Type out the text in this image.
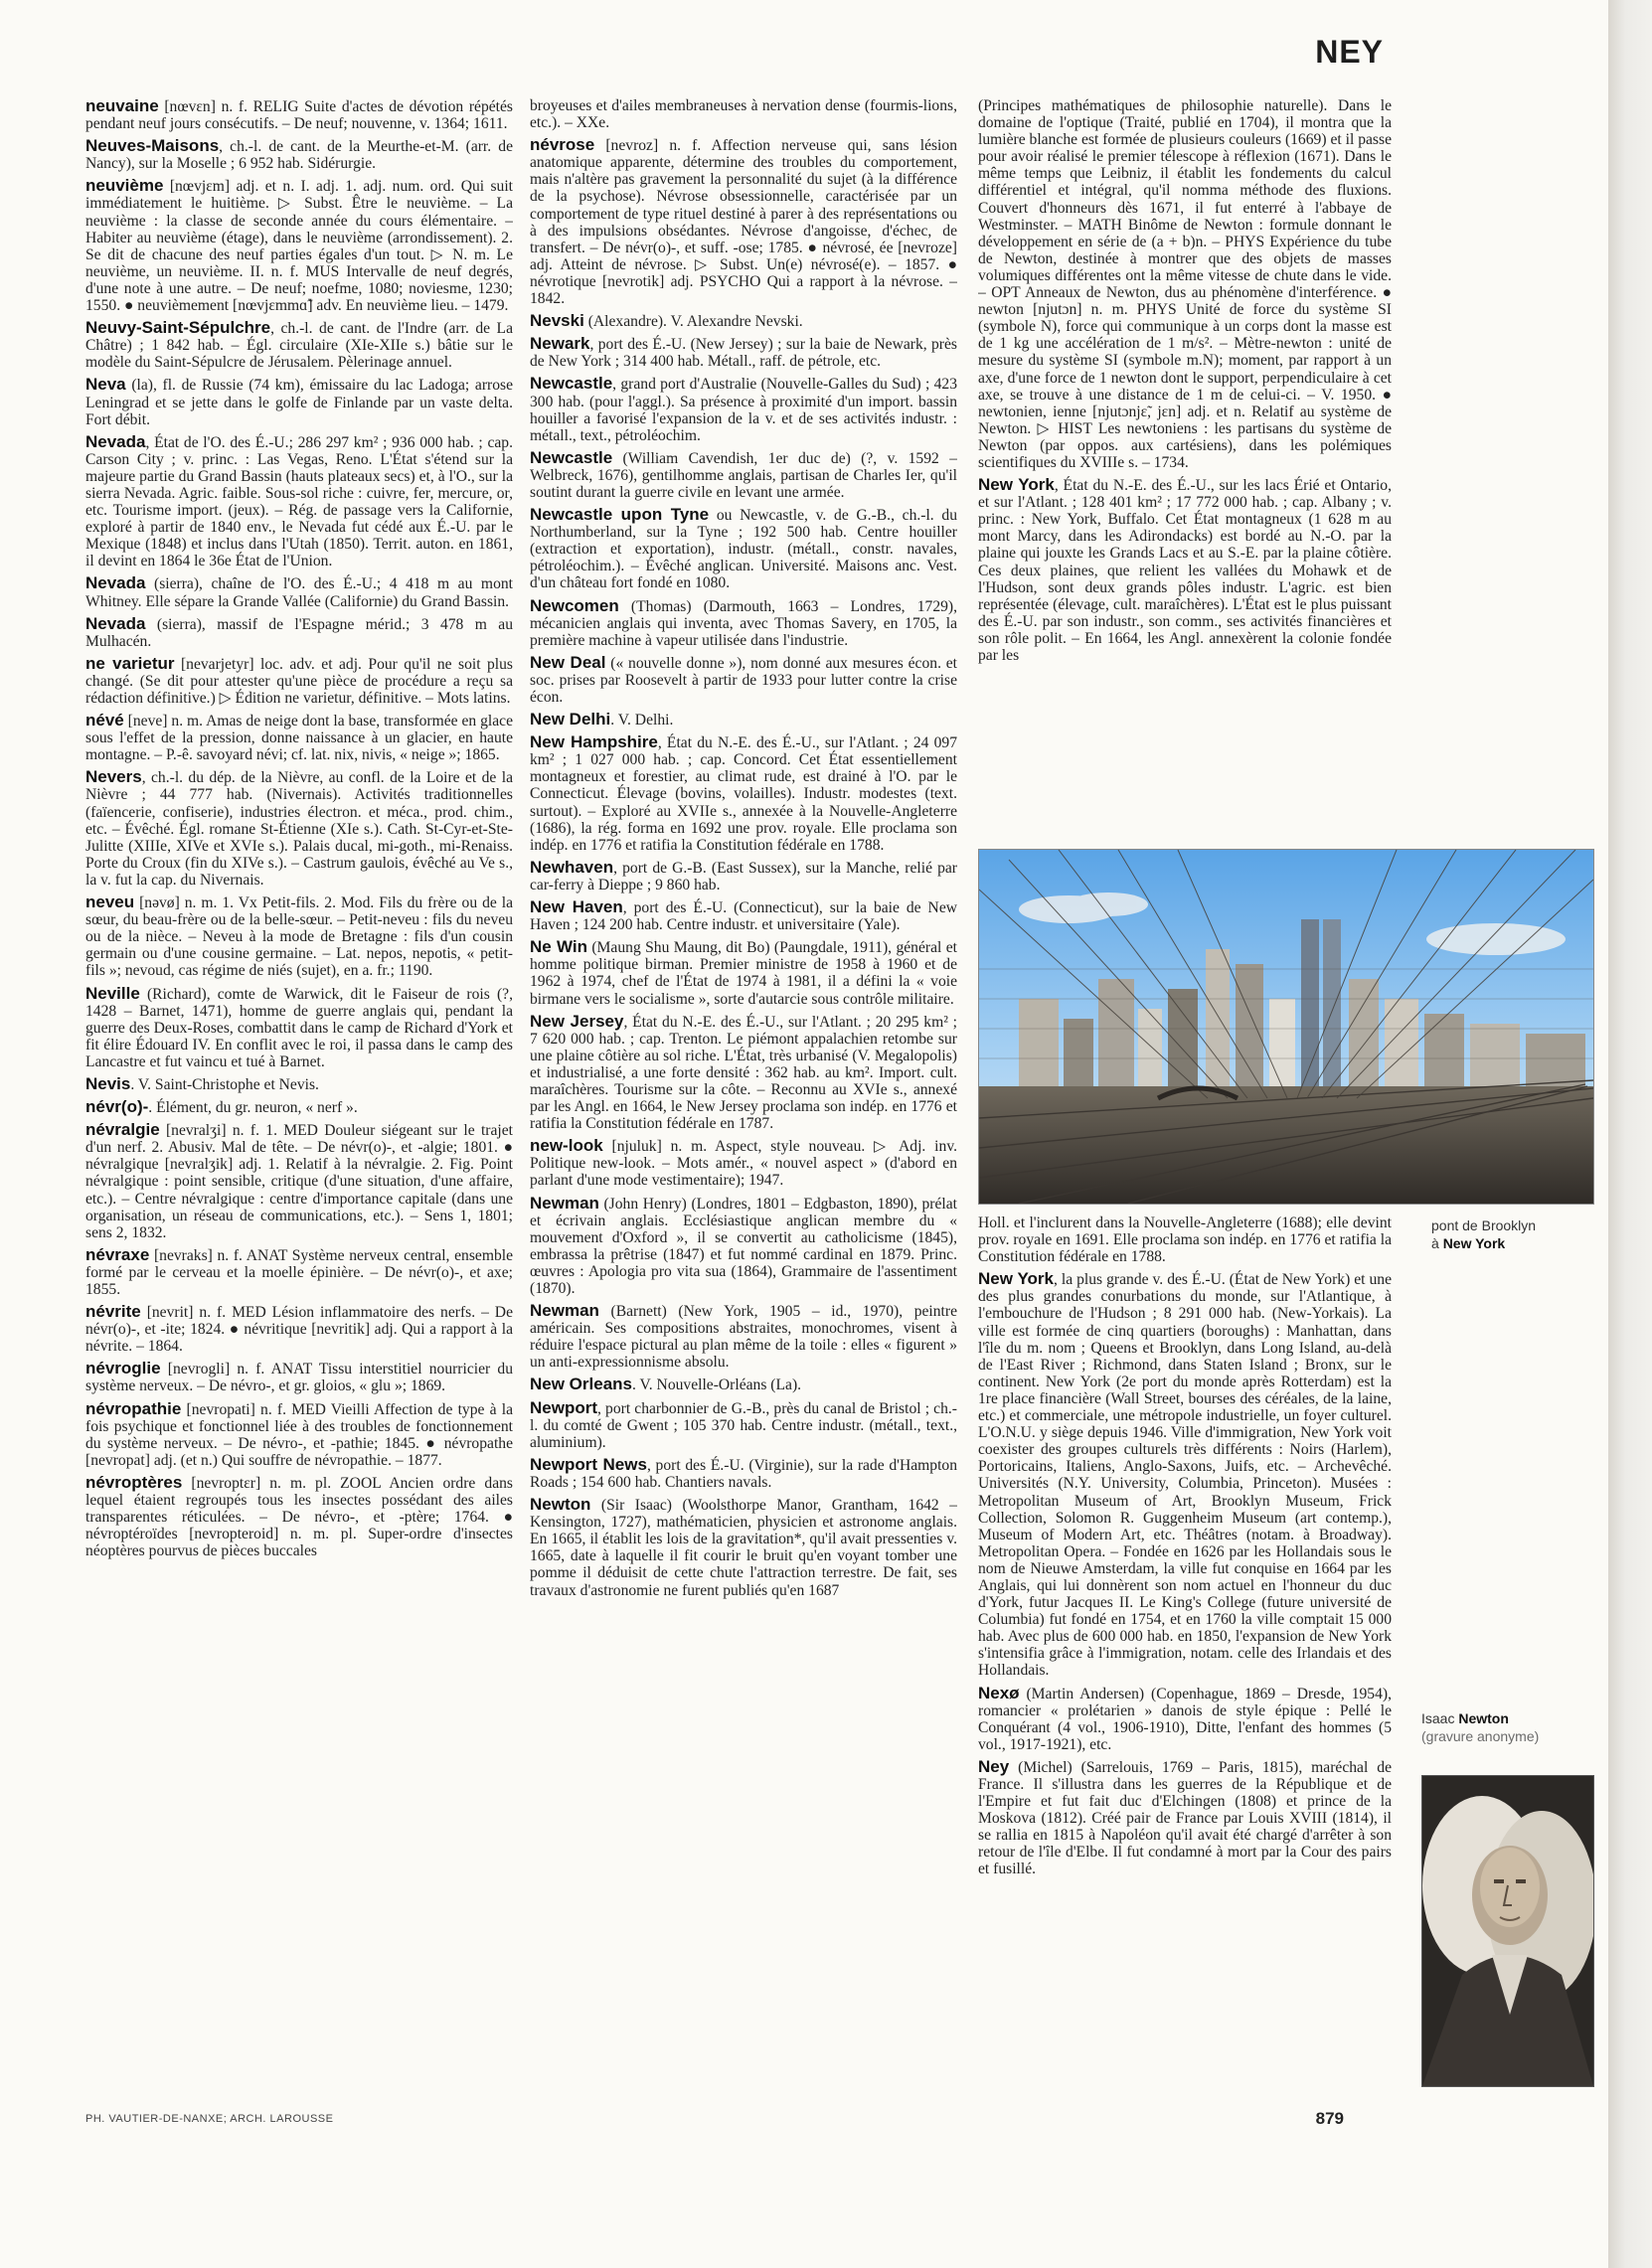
NEY
neuvaine [nœvɛn] n. f. RELIG Suite d'actes de dévotion répétés pendant neuf jours consécutifs. – De neuf; nouvenne, v. 1364; 1611.
Neuves-Maisons, ch.-l. de cant. de la Meurthe-et-M. (arr. de Nancy), sur la Moselle ; 6 952 hab. Sidérurgie.
neuvième [nœvjɛm] adj. et n. I. adj. 1. adj. num. ord. Qui suit immédiatement le huitième. ▷ Subst. Être le neuvième. – La neuvième : la classe de seconde année du cours élémentaire. – Habiter au neuvième (étage), dans le neuvième (arrondissement). 2. Se dit de chacune des neuf parties égales d'un tout. ▷ N. m. Le neuvième, un neuvième. II. n. f. MUS Intervalle de neuf degrés, d'une note à une autre. – De neuf; noefme, 1080; noviesme, 1230; 1550. ● neuvièmement [nœvjɛmmɑ̃] adv. En neuvième lieu. – 1479.
Neuvy-Saint-Sépulchre, ch.-l. de cant. de l'Indre (arr. de La Châtre) ; 1 842 hab. – Égl. circulaire (XIe-XIIe s.) bâtie sur le modèle du Saint-Sépulcre de Jérusalem. Pèlerinage annuel.
Neva (la), fl. de Russie (74 km), émissaire du lac Ladoga; arrose Leningrad et se jette dans le golfe de Finlande par un vaste delta. Fort débit.
Nevada, État de l'O. des É.-U.; 286 297 km² ; 936 000 hab. ; cap. Carson City ; v. princ. : Las Vegas, Reno. L'État s'étend sur la majeure partie du Grand Bassin (hauts plateaux secs) et, à l'O., sur la sierra Nevada. Agric. faible. Sous-sol riche : cuivre, fer, mercure, or, etc. Tourisme import. (jeux). – Rég. de passage vers la Californie, exploré à partir de 1840 env., le Nevada fut cédé aux É.-U. par le Mexique (1848) et inclus dans l'Utah (1850). Territ. auton. en 1861, il devint en 1864 le 36e État de l'Union.
Nevada (sierra), chaîne de l'O. des É.-U.; 4 418 m au mont Whitney. Elle sépare la Grande Vallée (Californie) du Grand Bassin.
Nevada (sierra), massif de l'Espagne mérid.; 3 478 m au Mulhacén.
ne varietur [nevarjetyr] loc. adv. et adj. Pour qu'il ne soit plus changé. (Se dit pour attester qu'une pièce de procédure a reçu sa rédaction définitive.) ▷ Édition ne varietur, définitive. – Mots latins.
névé [neve] n. m. Amas de neige dont la base, transformée en glace sous l'effet de la pression, donne naissance à un glacier, en haute montagne. – P.-ê. savoyard névi; cf. lat. nix, nivis, « neige »; 1865.
Nevers, ch.-l. du dép. de la Nièvre, au confl. de la Loire et de la Nièvre ; 44 777 hab. (Nivernais). Activités traditionnelles (faïencerie, confiserie), industries électron. et méca., prod. chim., etc. – Évêché. Égl. romane St-Étienne (XIe s.). Cath. St-Cyr-et-Ste-Julitte (XIIIe, XIVe et XVIe s.). Palais ducal, mi-goth., mi-Renaiss. Porte du Croux (fin du XIVe s.). – Castrum gaulois, évêché au Ve s., la v. fut la cap. du Nivernais.
neveu [nəvø] n. m. 1. Vx Petit-fils. 2. Mod. Fils du frère ou de la sœur, du beau-frère ou de la belle-sœur. – Petit-neveu : fils du neveu ou de la nièce. – Neveu à la mode de Bretagne : fils d'un cousin germain ou d'une cousine germaine. – Lat. nepos, nepotis, « petit-fils »; nevoud, cas régime de niés (sujet), en a. fr.; 1190.
Neville (Richard), comte de Warwick, dit le Faiseur de rois (?, 1428 – Barnet, 1471), homme de guerre anglais qui, pendant la guerre des Deux-Roses, combattit dans le camp de Richard d'York et fit élire Édouard IV. En conflit avec le roi, il passa dans le camp des Lancastre et fut vaincu et tué à Barnet.
Nevis. V. Saint-Christophe et Nevis.
névr(o)-. Élément, du gr. neuron, « nerf ».
névralgie [nevralʒi] n. f. 1. MED Douleur siégeant sur le trajet d'un nerf. 2. Abusiv. Mal de tête. – De névr(o)-, et -algie; 1801. ● névralgique [nevralʒik] adj. 1. Relatif à la névralgie. 2. Fig. Point névralgique : point sensible, critique (d'une situation, d'une affaire, etc.). – Centre névralgique : centre d'importance capitale (dans une organisation, un réseau de communications, etc.). – Sens 1, 1801; sens 2, 1832.
névraxe [nevraks] n. f. ANAT Système nerveux central, ensemble formé par le cerveau et la moelle épinière. – De névr(o)-, et axe; 1855.
névrite [nevrit] n. f. MED Lésion inflammatoire des nerfs. – De névr(o)-, et -ite; 1824. ● névritique [nevritik] adj. Qui a rapport à la névrite. – 1864.
névroglie [nevrogli] n. f. ANAT Tissu interstitiel nourricier du système nerveux. – De névro-, et gr. gloios, « glu »; 1869.
névropathie [nevropati] n. f. MED Vieilli Affection de type à la fois psychique et fonctionnel liée à des troubles de fonctionnement du système nerveux. – De névro-, et -pathie; 1845. ● névropathe [nevropat] adj. (et n.) Qui souffre de névropathie. – 1877.
névroptères [nevroptɛr] n. m. pl. ZOOL Ancien ordre dans lequel étaient regroupés tous les insectes possédant des ailes transparentes réticulées. – De névro-, et -ptère; 1764. ● névroptéroïdes [nevropteroid] n. m. pl. Super-ordre d'insectes néoptères pourvus de pièces buccales
broyeuses et d'ailes membraneuses à nervation dense (fourmis-lions, etc.). – XXe.
névrose [nevroz] n. f. Affection nerveuse qui, sans lésion anatomique apparente, détermine des troubles du comportement, mais n'altère pas gravement la personnalité du sujet (à la différence de la psychose). Névrose obsessionnelle, caractérisée par un comportement de type rituel destiné à parer à des représentations ou à des impulsions obsédantes. Névrose d'angoisse, d'échec, de transfert. – De névr(o)-, et suff. -ose; 1785. ● névrosé, ée [nevroze] adj. Atteint de névrose. ▷ Subst. Un(e) névrosé(e). – 1857. ● névrotique [nevrotik] adj. PSYCHO Qui a rapport à la névrose. – 1842.
Nevski (Alexandre). V. Alexandre Nevski.
Newark, port des É.-U. (New Jersey) ; sur la baie de Newark, près de New York ; 314 400 hab. Métall., raff. de pétrole, etc.
Newcastle, grand port d'Australie (Nouvelle-Galles du Sud) ; 423 300 hab. (pour l'aggl.). Sa présence à proximité d'un import. bassin houiller a favorisé l'expansion de la v. et de ses activités industr. : métall., text., pétroléochim.
Newcastle (William Cavendish, 1er duc de) (?, v. 1592 – Welbreck, 1676), gentilhomme anglais, partisan de Charles Ier, qu'il soutint durant la guerre civile en levant une armée.
Newcastle upon Tyne ou Newcastle, v. de G.-B., ch.-l. du Northumberland, sur la Tyne ; 192 500 hab. Centre houiller (extraction et exportation), industr. (métall., constr. navales, pétroléochim.). – Évêché anglican. Université. Maisons anc. Vest. d'un château fort fondé en 1080.
Newcomen (Thomas) (Darmouth, 1663 – Londres, 1729), mécanicien anglais qui inventa, avec Thomas Savery, en 1705, la première machine à vapeur utilisée dans l'industrie.
New Deal (« nouvelle donne »), nom donné aux mesures écon. et soc. prises par Roosevelt à partir de 1933 pour lutter contre la crise écon.
New Delhi. V. Delhi.
New Hampshire, État du N.-E. des É.-U., sur l'Atlant. ; 24 097 km² ; 1 027 000 hab. ; cap. Concord. Cet État essentiellement montagneux et forestier, au climat rude, est drainé à l'O. par le Connecticut. Élevage (bovins, volailles). Industr. modestes (text. surtout). – Exploré au XVIIe s., annexée à la Nouvelle-Angleterre (1686), la rég. forma en 1692 une prov. royale. Elle proclama son indép. en 1776 et ratifia la Constitution fédérale en 1788.
Newhaven, port de G.-B. (East Sussex), sur la Manche, relié par car-ferry à Dieppe ; 9 860 hab.
New Haven, port des É.-U. (Connecticut), sur la baie de New Haven ; 124 200 hab. Centre industr. et universitaire (Yale).
Ne Win (Maung Shu Maung, dit Bo) (Paungdale, 1911), général et homme politique birman. Premier ministre de 1958 à 1960 et de 1962 à 1974, chef de l'État de 1974 à 1981, il a défini la « voie birmane vers le socialisme », sorte d'autarcie sous contrôle militaire.
New Jersey, État du N.-E. des É.-U., sur l'Atlant. ; 20 295 km² ; 7 620 000 hab. ; cap. Trenton. Le piémont appalachien retombe sur une plaine côtière au sol riche. L'État, très urbanisé (V. Megalopolis) et industrialisé, a une forte densité : 362 hab. au km². Import. cult. maraîchères. Tourisme sur la côte. – Reconnu au XVIe s., annexé par les Angl. en 1664, le New Jersey proclama son indép. en 1776 et ratifia la Constitution fédérale en 1787.
new-look [njuluk] n. m. Aspect, style nouveau. ▷ Adj. inv. Politique new-look. – Mots amér., « nouvel aspect » (d'abord en parlant d'une mode vestimentaire); 1947.
Newman (John Henry) (Londres, 1801 – Edgbaston, 1890), prélat et écrivain anglais. Ecclésiastique anglican membre du « mouvement d'Oxford », il se convertit au catholicisme (1845), embrassa la prêtrise (1847) et fut nommé cardinal en 1879. Princ. œuvres : Apologia pro vita sua (1864), Grammaire de l'assentiment (1870).
Newman (Barnett) (New York, 1905 – id., 1970), peintre américain. Ses compositions abstraites, monochromes, visent à réduire l'espace pictural au plan même de la toile : elles « figurent » un anti-expressionnisme absolu.
New Orleans. V. Nouvelle-Orléans (La).
Newport, port charbonnier de G.-B., près du canal de Bristol ; ch.-l. du comté de Gwent ; 105 370 hab. Centre industr. (métall., text., aluminium).
Newport News, port des É.-U. (Virginie), sur la rade d'Hampton Roads ; 154 600 hab. Chantiers navals.
Newton (Sir Isaac) (Woolsthorpe Manor, Grantham, 1642 – Kensington, 1727), mathématicien, physicien et astronome anglais. En 1665, il établit les lois de la gravitation*, qu'il avait pressenties v. 1665, date à laquelle il fit courir le bruit qu'en voyant tomber une pomme il déduisit de cette chute l'attraction terrestre. De fait, ses travaux d'astronomie ne furent publiés qu'en 1687
(Principes mathématiques de philosophie naturelle). Dans le domaine de l'optique (Traité, publié en 1704), il montra que la lumière blanche est formée de plusieurs couleurs (1669) et il passe pour avoir réalisé le premier télescope à réflexion (1671). Dans le même temps que Leibniz, il établit les fondements du calcul différentiel et intégral, qu'il nomma méthode des fluxions. Couvert d'honneurs dès 1671, il fut enterré à l'abbaye de Westminster. – MATH Binôme de Newton : formule donnant le développement en série de (a + b)n. – PHYS Expérience du tube de Newton, destinée à montrer que des objets de masses volumiques différentes ont la même vitesse de chute dans le vide. – OPT Anneaux de Newton, dus au phénomène d'interférence. ● newton [njutɔn] n. m. PHYS Unité de force du système SI (symbole N), force qui communique à un corps dont la masse est de 1 kg une accélération de 1 m/s². – Mètre-newton : unité de mesure du système SI (symbole m.N); moment, par rapport à un axe, d'une force de 1 newton dont le support, perpendiculaire à cet axe, se trouve à une distance de 1 m de celui-ci. – V. 1950. ● newtonien, ienne [njutɔnjɛ̃, jɛn] adj. et n. Relatif au système de Newton. ▷ HIST Les newtoniens : les partisans du système de Newton (par oppos. aux cartésiens), dans les polémiques scientifiques du XVIIIe s. – 1734.
New York, État du N.-E. des É.-U., sur les lacs Érié et Ontario, et sur l'Atlant. ; 128 401 km² ; 17 772 000 hab. ; cap. Albany ; v. princ. : New York, Buffalo. Cet État montagneux (1 628 m au mont Marcy, dans les Adirondacks) est bordé au N.-O. par la plaine qui jouxte les Grands Lacs et au S.-E. par la plaine côtière. Ces deux plaines, que relient les vallées du Mohawk et de l'Hudson, sont deux grands pôles industr. L'agric. est bien représentée (élevage, cult. maraîchères). L'État est le plus puissant des É.-U. par son industr., son comm., ses activités financières et son rôle polit. – En 1664, les Angl. annexèrent la colonie fondée par les
pont de Brooklyn
à New York
Holl. et l'inclurent dans la Nouvelle-Angleterre (1688); elle devint prov. royale en 1691. Elle proclama son indép. en 1776 et ratifia la Constitution fédérale en 1788.
New York, la plus grande v. des É.-U. (État de New York) et une des plus grandes conurbations du monde, sur l'Atlantique, à l'embouchure de l'Hudson ; 8 291 000 hab. (New-Yorkais). La ville est formée de cinq quartiers (boroughs) : Manhattan, dans l'île du m. nom ; Queens et Brooklyn, dans Long Island, au-delà de l'East River ; Richmond, dans Staten Island ; Bronx, sur le continent. New York (2e port du monde après Rotterdam) est la 1re place financière (Wall Street, bourses des céréales, de la laine, etc.) et commerciale, une métropole industrielle, un foyer culturel. L'O.N.U. y siège depuis 1946. Ville d'immigration, New York voit coexister des groupes culturels très différents : Noirs (Harlem), Portoricains, Italiens, Anglo-Saxons, Juifs, etc. – Archevêché. Universités (N.Y. University, Columbia, Princeton). Musées : Metropolitan Museum of Art, Brooklyn Museum, Frick Collection, Solomon R. Guggenheim Museum (art contemp.), Museum of Modern Art, etc. Théâtres (notam. à Broadway). Metropolitan Opera. – Fondée en 1626 par les Hollandais sous le nom de Nieuwe Amsterdam, la ville fut conquise en 1664 par les Anglais, qui lui donnèrent son nom actuel en l'honneur du duc d'York, futur Jacques II. Le King's College (future université de Columbia) fut fondé en 1754, et en 1760 la ville comptait 15 000 hab. Avec plus de 600 000 hab. en 1850, l'expansion de New York s'intensifia grâce à l'immigration, notam. celle des Irlandais et des Hollandais.
Nexø (Martin Andersen) (Copenhague, 1869 – Dresde, 1954), romancier « prolétarien » danois de style épique : Pellé le Conquérant (4 vol., 1906-1910), Ditte, l'enfant des hommes (5 vol., 1917-1921), etc.
Ney (Michel) (Sarrelouis, 1769 – Paris, 1815), maréchal de France. Il s'illustra dans les guerres de la République et de l'Empire et fut fait duc d'Elchingen (1808) et prince de la Moskova (1812). Créé pair de France par Louis XVIII (1814), il se rallia en 1815 à Napoléon qu'il avait été chargé d'arrêter à son retour de l'île d'Elbe. Il fut condamné à mort par la Cour des pairs et fusillé.
Isaac Newton
(gravure anonyme)
PH. VAUTIER-DE-NANXE; ARCH. LAROUSSE	879
